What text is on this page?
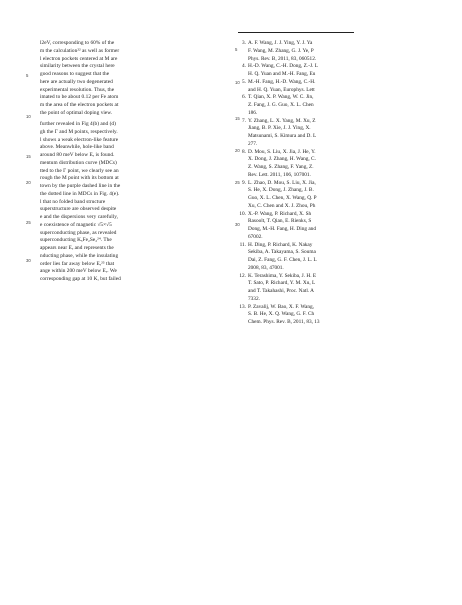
5
10
15
20
25
30
5
10
15
20
25
30
l2eV, corresponding to 60% of the
m the calculation²² as well as former
l electron pockets centered at M are
similarity between the crystal here
good reasons to suggest that the
here are actually two degenerated
experimental resolution. Thus, the
imated to be about 0.12 per Fe atom
m the area of the electron pockets at
the point of optimal doping view.
further revealed in Fig 4(b) and (d)
gh the Γ and M points, respectively.
l shows a weak electron-like feature
above. Meanwhile, hole-like band
around 80 meV below Eₑ is found.
mentum distribution curve (MDCs)
tted to the Γ point, we clearly see an
rough the M point with its bottom at
town by the purple dashed line in the
the dotted line in MDCs in Fig. 4(e).
l that no folded band structure
superstructure are observed despite
e and the dispersions very carefully,
e coexistence of magnetic √5×√5
superconducting phase, as revealed
superconducting KₓFe₂Se₂²⁴. The
appears near Eₑ and represents the
nducting phase, while the insulating
order lies far away below Eₑ²⁵ that
ange within 200 meV below Eₑ. We
corresponding gap at 10 K, but failed
3. A. F. Wang, J. J. Ying, Y. J. Ya
F. Wang, M. Zhang, G. J. Ye, P
Phys. Rev. B, 2011, 83, 060512.
4. H.-D. Wang, C.-H. Dong, Z.-J. L
H. Q. Yuan and M.-H. Fang, Eu
5. M.-H. Fang, H.-D. Wang, C.-H.
and H. Q. Yuan, Europhys. Lett
6. T. Qian, X. P. Wang, W. C. Jin,
Z. Fang, J. G. Guo, X. L. Chen
186.
7. Y. Zhang, L. X. Yang, M. Xu, Z
Jiang, B. P. Xie, J. J. Ying, X.
Matsunami, S. Kimura and D. L
277.
8. D. Mou, S. Liu, X. Jia, J. He, Y.
X. Dong, J. Zhang, H. Wang, C.
Z. Wang, S. Zhang, F. Yang, Z.
Rev. Lett. 2011, 106, 107001.
9. L. Zhao, D. Mou, S. Liu, X. Jia,
S. He, X. Dong, J. Zhang, J. B.
Guo, X. L. Chen, X. Wang, Q. P
Xu, C. Chen and X. J. Zhou, Ph
10. X.-P. Wang, P. Richard, X. Sh
Rasoolt, T. Qian, E. Rienks, S
Dong, M.-H. Fang, H. Ding and
67002.
11. H. Ding, P. Richard, K. Nakay
Sekiba, A. Takayama, S. Souma
Dai, Z. Fang, G. F. Chen, J. L. L
2008, 83, 47001.
12. K. Terashima, Y. Sekiba, J. H. E
T. Sato, P. Richard, Y. M. Xu, L
and T. Takahashi, Proc. Natl. A
7332.
13. P. Zavalij, W. Bao, X. F. Wang,
S. B. He, X. Q. Wang, G. F. Ch
Chem. Phys. Rev. B, 2011, 83, 13
